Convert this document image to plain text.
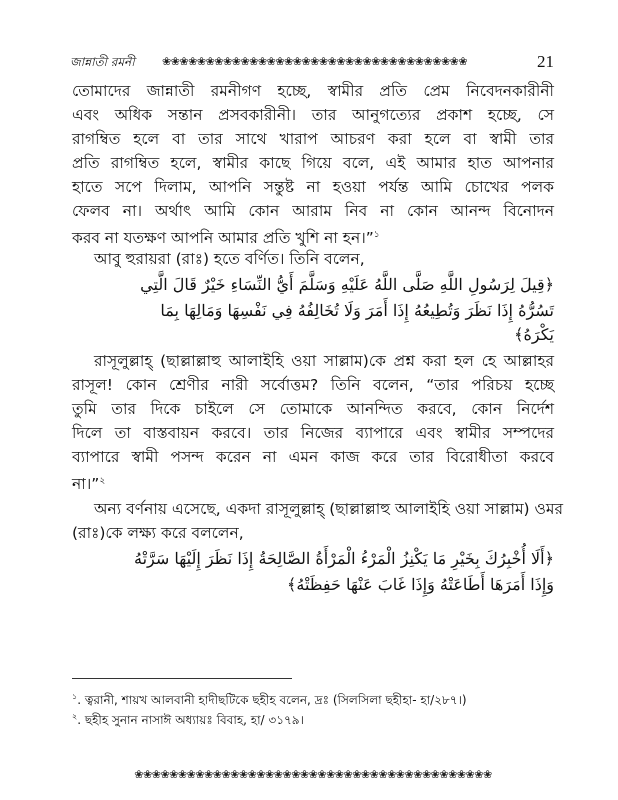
জান্নাতী রমনী ❀❀❀❀❀❀❀❀❀❀❀❀❀❀❀❀❀❀❀❀❀❀❀❀❀❀❀❀❀❀❀❀❀❀❀	21
তোমাদের জান্নাতী রমনীগণ হচ্ছে, স্বামীর প্রতি প্রেম নিবেদনকারীনী
এবং অধিক সন্তান প্রসবকারীনী। তার আনুগত্যের প্রকাশ হচ্ছে, সে
রাগম্বিত হলে বা তার সাথে খারাপ আচরণ করা হলে বা স্বামী তার
প্রতি রাগম্বিত হলে, স্বামীর কাছে গিয়ে বলে, এই আমার হাত আপনার
হাতে সপে দিলাম, আপনি সন্তুষ্ট না হওয়া পর্যন্ত আমি চোখের পলক
ফেলব না। অর্থাৎ আমি কোন আরাম নিব না কোন আনন্দ বিনোদন
করব না যতক্ষণ আপনি আমার প্রতি খুশি না হন।”$^১$
আবু হুরায়রা (রাঃ) হতে বর্ণিত। তিনি বলেন,
﴿قِيلَ لِرَسُولِ اللَّهِ صَلَّى اللَّهُ عَلَيْهِ وَسَلَّمَ أَيُّ النِّسَاءِ خَيْرٌ قَالَ الَّتِي
تَسُرُّهُ إِذَا نَظَرَ وَتُطِيعُهُ إِذَا أَمَرَ وَلَا تُخَالِفُهُ فِي نَفْسِهَا وَمَالِهَا بِمَا
يَكْرَهُ﴾
রাসূলুল্লাহ্ (ছাল্লাল্লাহু আলাইহি ওয়া সাল্লাম)কে প্রশ্ন করা হল হে আল্লাহর
রাসূল! কোন শ্রেণীর নারী সর্বোত্তম? তিনি বলেন, “তার পরিচয় হচ্ছে
তুমি তার দিকে চাইলে সে তোমাকে আনন্দিত করবে, কোন নির্দেশ
দিলে তা বাস্তবায়ন করবে। তার নিজের ব্যাপারে এবং স্বামীর সম্পদের
ব্যাপারে স্বামী পসন্দ করেন না এমন কাজ করে তার বিরোধীতা করবে
না।”$^২$
অন্য বর্ণনায় এসেছে, একদা রাসূলুল্লাহ্ (ছাল্লাল্লাহু আলাইহি ওয়া সাল্লাম) ওমর
(রাঃ)কে লক্ষ্য করে বললেন,
﴿أَلَا أُخْبِرُكَ بِخَيْرِ مَا يَكْنِزُ الْمَرْءُ الْمَرْأَةُ الصَّالِحَةُ إِذَا نَظَرَ إِلَيْهَا سَرَّتْهُ
وَإِذَا أَمَرَهَا أَطَاعَتْهُ وَإِذَا غَابَ عَنْهَا حَفِظَتْهُ﴾
$^১$. ত্বরানী, শায়খ আলবানী হাদীছটিকে ছহীহ বলেন, দ্রঃ (সিলসিলা ছহীহা- হা/২৮৭।)
$^২$. ছহীহ সুনান নাসাঈ অধ্যায়ঃ বিবাহ, হা/ ৩১৭৯।
❀❀❀❀❀❀❀❀❀❀❀❀❀❀❀❀❀❀❀❀❀❀❀❀❀❀❀❀❀❀❀❀❀❀❀❀❀❀❀❀❀
